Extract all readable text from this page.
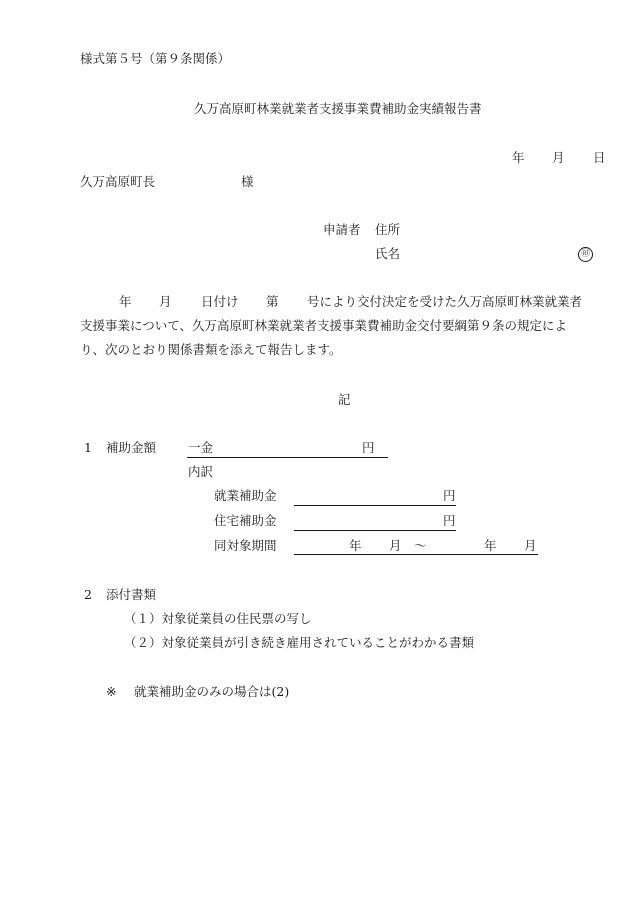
様式第５号（第９条関係）
久万高原町林業就業者支援事業費補助金実績報告書
年 月 日
久万高原町長	様
申請者 住所
氏名	㊞
年 月 日付け 第 号により交付決定を受けた久万高原町林業就業者
支援事業について、久万高原町林業就業者支援事業費補助金交付要綱第９条の規定によ
り、次のとおり関係書類を添えて報告します。
記
1 補助金額	一金	円
内訳
就業補助金	円
住宅補助金	円
同対象期間	年 月 ～	年 月
2 添付書類
（１）対象従業員の住民票の写し
（２）対象従業員が引き続き雇用されていることがわかる書類
※ 就業補助金のみの場合は(2)
